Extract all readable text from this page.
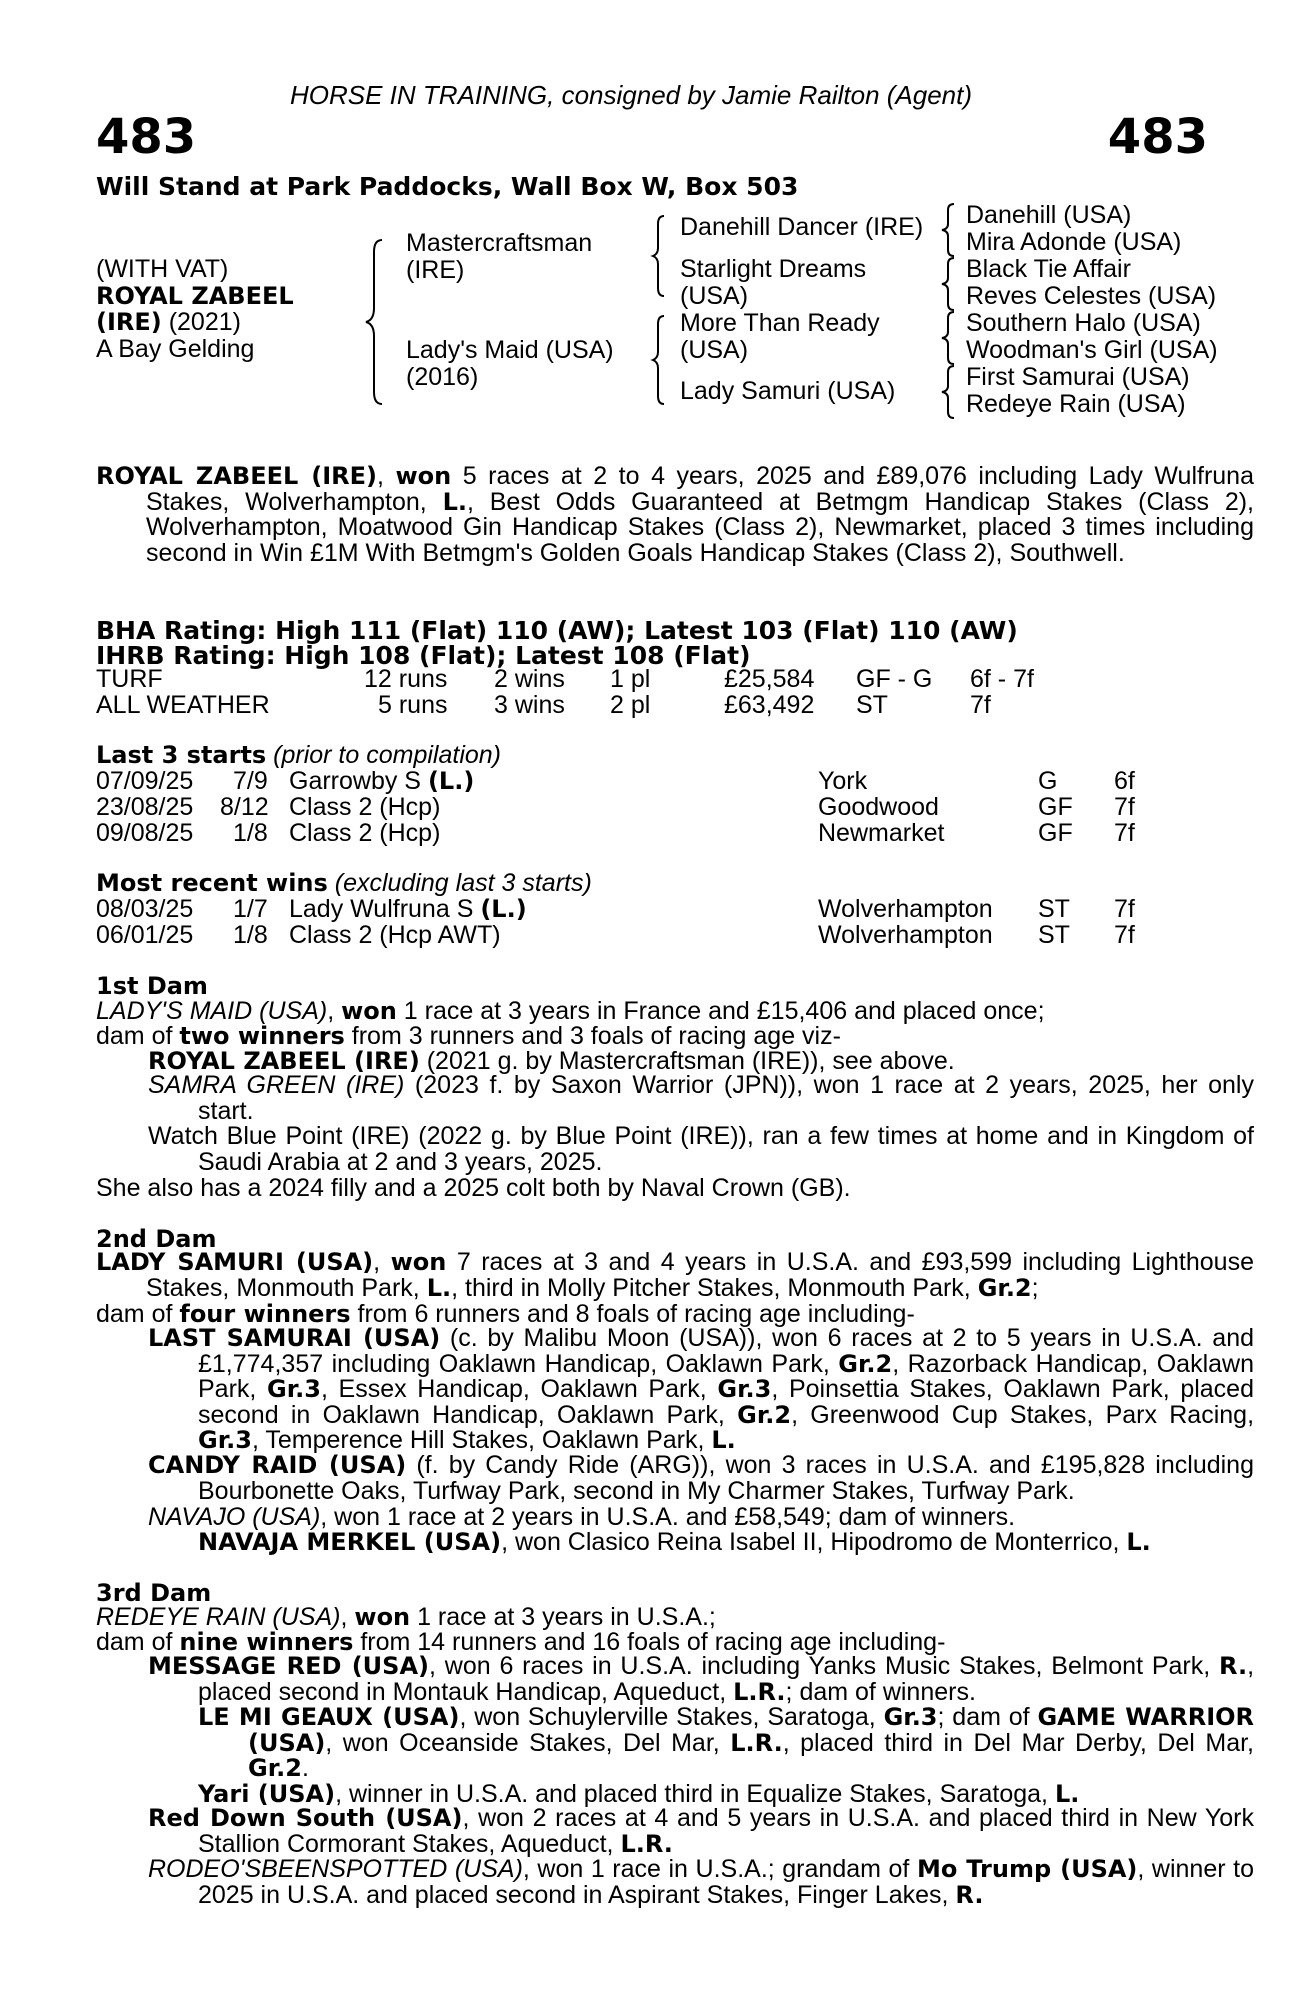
HORSE IN TRAINING, consigned by Jamie Railton (Agent)
483	483
Will Stand at Park Paddocks, Wall Box W, Box 503
(WITH VAT)
ROYAL ZABEEL
(IRE) (2021)
A Bay Gelding
Mastercraftsman
(IRE)
Lady's Maid (USA)
(2016)
Danehill Dancer (IRE)
Starlight Dreams
(USA)
More Than Ready
(USA)
Lady Samuri (USA)
Danehill (USA)
Mira Adonde (USA)
Black Tie Affair
Reves Celestes (USA)
Southern Halo (USA)
Woodman's Girl (USA)
First Samurai (USA)
Redeye Rain (USA)
ROYAL ZABEEL (IRE), won 5 races at 2 to 4 years, 2025 and £89,076 including Lady Wulfruna Stakes, Wolverhampton, L., Best Odds Guaranteed at Betmgm Handicap Stakes (Class 2), Wolverhampton, Moatwood Gin Handicap Stakes (Class 2), Newmarket, placed 3 times including second in Win £1M With Betmgm's Golden Goals Handicap Stakes (Class 2), Southwell.
BHA Rating: High 111 (Flat) 110 (AW); Latest 103 (Flat) 110 (AW)
IHRB Rating: High 108 (Flat); Latest 108 (Flat)
TURF	12 runs 2 wins 1 pl	£25,584 GF - G 6f - 7f
ALL WEATHER	5 runs 3 wins 2 pl	£63,492 ST	7f
Last 3 starts (prior to compilation)
07/09/25 7/9 Garrowby S (L.)	York	G 6f
23/08/25 8/12 Class 2 (Hcp)	Goodwood	GF 7f
09/08/25 1/8 Class 2 (Hcp)	Newmarket	GF 7f
Most recent wins (excluding last 3 starts)
08/03/25 1/7 Lady Wulfruna S (L.)	Wolverhampton ST 7f
06/01/25 1/8 Class 2 (Hcp AWT)	Wolverhampton ST 7f
1st Dam
LADY'S MAID (USA), won 1 race at 3 years in France and £15,406 and placed once;
dam of two winners from 3 runners and 3 foals of racing age viz-
ROYAL ZABEEL (IRE) (2021 g. by Mastercraftsman (IRE)), see above.
SAMRA GREEN (IRE) (2023 f. by Saxon Warrior (JPN)), won 1 race at 2 years, 2025, her only start.
Watch Blue Point (IRE) (2022 g. by Blue Point (IRE)), ran a few times at home and in Kingdom of Saudi Arabia at 2 and 3 years, 2025.
She also has a 2024 filly and a 2025 colt both by Naval Crown (GB).
2nd Dam
LADY SAMURI (USA), won 7 races at 3 and 4 years in U.S.A. and £93,599 including Lighthouse Stakes, Monmouth Park, L., third in Molly Pitcher Stakes, Monmouth Park, Gr.2;
dam of four winners from 6 runners and 8 foals of racing age including-
LAST SAMURAI (USA) (c. by Malibu Moon (USA)), won 6 races at 2 to 5 years in U.S.A. and £1,774,357 including Oaklawn Handicap, Oaklawn Park, Gr.2, Razorback Handicap, Oaklawn Park, Gr.3, Essex Handicap, Oaklawn Park, Gr.3, Poinsettia Stakes, Oaklawn Park, placed second in Oaklawn Handicap, Oaklawn Park, Gr.2, Greenwood Cup Stakes, Parx Racing, Gr.3, Temperence Hill Stakes, Oaklawn Park, L.
CANDY RAID (USA) (f. by Candy Ride (ARG)), won 3 races in U.S.A. and £195,828 including Bourbonette Oaks, Turfway Park, second in My Charmer Stakes, Turfway Park.
NAVAJO (USA), won 1 race at 2 years in U.S.A. and £58,549; dam of winners.
NAVAJA MERKEL (USA), won Clasico Reina Isabel II, Hipodromo de Monterrico, L.
3rd Dam
REDEYE RAIN (USA), won 1 race at 3 years in U.S.A.;
dam of nine winners from 14 runners and 16 foals of racing age including-
MESSAGE RED (USA), won 6 races in U.S.A. including Yanks Music Stakes, Belmont Park, R., placed second in Montauk Handicap, Aqueduct, L.R.; dam of winners.
LE MI GEAUX (USA), won Schuylerville Stakes, Saratoga, Gr.3; dam of GAME WARRIOR (USA), won Oceanside Stakes, Del Mar, L.R., placed third in Del Mar Derby, Del Mar, Gr.2.
Yari (USA), winner in U.S.A. and placed third in Equalize Stakes, Saratoga, L.
Red Down South (USA), won 2 races at 4 and 5 years in U.S.A. and placed third in New York Stallion Cormorant Stakes, Aqueduct, L.R.
RODEO'SBEENSPOTTED (USA), won 1 race in U.S.A.; grandam of Mo Trump (USA), winner to 2025 in U.S.A. and placed second in Aspirant Stakes, Finger Lakes, R.
